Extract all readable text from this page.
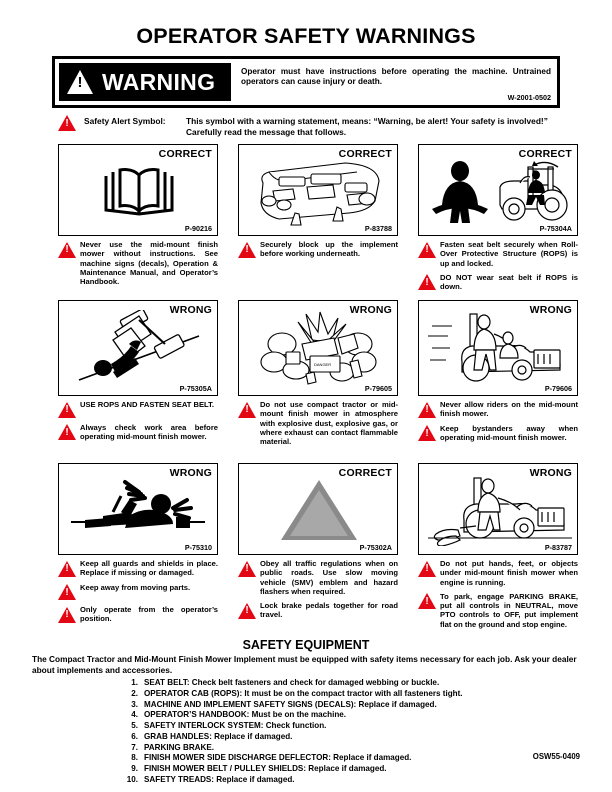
OPERATOR SAFETY WARNINGS
!
WARNING	Operator must have instructions before operating the machine. Untrained operators can cause injury or death.
W-2001-0502
!
Safety Alert Symbol:	This symbol with a warning statement, means: “Warning, be alert! Your safety is involved!” Carefully read the message that follows.
CORRECT
P-90216
!
Never use the mid-mount finish mower without instructions. See machine signs (decals), Operation & Maintenance Manual, and Operator’s Handbook.
CORRECT
P-83788
!
Securely block up the implement before working underneath.
CORRECT
P-75304A
!
Fasten seat belt securely when Roll-Over Protective Structure (ROPS) is up and locked.
!
DO NOT wear seat belt if ROPS is down.
WRONG
P-75305A
!
USE ROPS AND FASTEN SEAT BELT.
!
Always check work area before operating mid-mount finish mower.
WRONG
DANGER
P-79605
!
Do not use compact tractor or mid-mount finish mower in atmosphere with explosive dust, explosive gas, or where exhaust can contact flammable material.
WRONG
P-79606
!
Never allow riders on the mid-mount finish mower.
!
Keep bystanders away when operating mid-mount finish mower.
WRONG
P-75310
!
Keep all guards and shields in place. Replace if missing or damaged.
!
Keep away from moving parts.
!
Only operate from the operator’s position.
CORRECT
P-75302A
!
Obey all traffic regulations when on public roads. Use slow moving vehicle (SMV) emblem and hazard flashers when required.
!
Lock brake pedals together for road travel.
WRONG
P-83787
!
Do not put hands, feet, or objects under mid-mount finish mower when engine is running.
!
To park, engage PARKING BRAKE, put all controls in NEUTRAL, move PTO controls to OFF, put implement flat on the ground and stop engine.
SAFETY EQUIPMENT
The Compact Tractor and Mid-Mount Finish Mower Implement must be equipped with safety items necessary for each job. Ask your dealer about implements and accessories.
1. SEAT BELT: Check belt fasteners and check for damaged webbing or buckle.
2. OPERATOR CAB (ROPS): It must be on the compact tractor with all fasteners tight.
3. MACHINE AND IMPLEMENT SAFETY SIGNS (DECALS): Replace if damaged.
4. OPERATOR’S HANDBOOK: Must be on the machine.
5. SAFETY INTERLOCK SYSTEM: Check function.
6. GRAB HANDLES: Replace if damaged.
7. PARKING BRAKE.
8. FINISH MOWER SIDE DISCHARGE DEFLECTOR: Replace if damaged.
9. FINISH MOWER BELT / PULLEY SHIELDS: Replace if damaged.
10. SAFETY TREADS: Replace if damaged.
OSW55-0409
